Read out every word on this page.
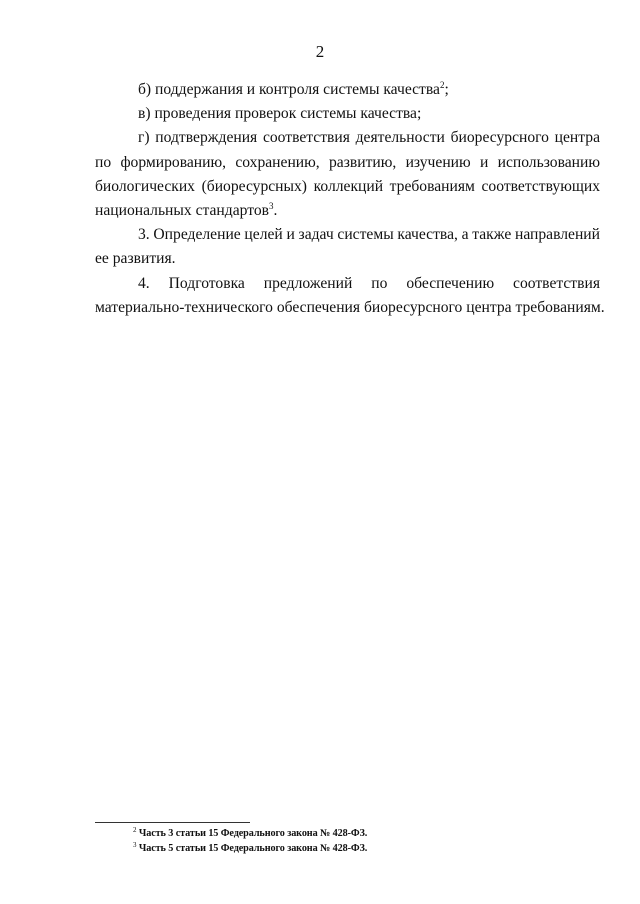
2
б) поддержания и контроля системы качества$^2$;
в) проведения проверок системы качества;
г) подтверждения соответствия деятельности биоресурсного центра
по формированию, сохранению, развитию, изучению и использованию
биологических (биоресурсных) коллекций требованиям соответствующих
национальных стандартов$^3$.
3. Определение целей и задач системы качества, а также направлений
ее развития.
4. Подготовка предложений по обеспечению соответствия
материально-технического обеспечения биоресурсного центра требованиям.
$^2$ Часть 3 статьи 15 Федерального закона № 428-ФЗ.
$^3$ Часть 5 статьи 15 Федерального закона № 428-ФЗ.
